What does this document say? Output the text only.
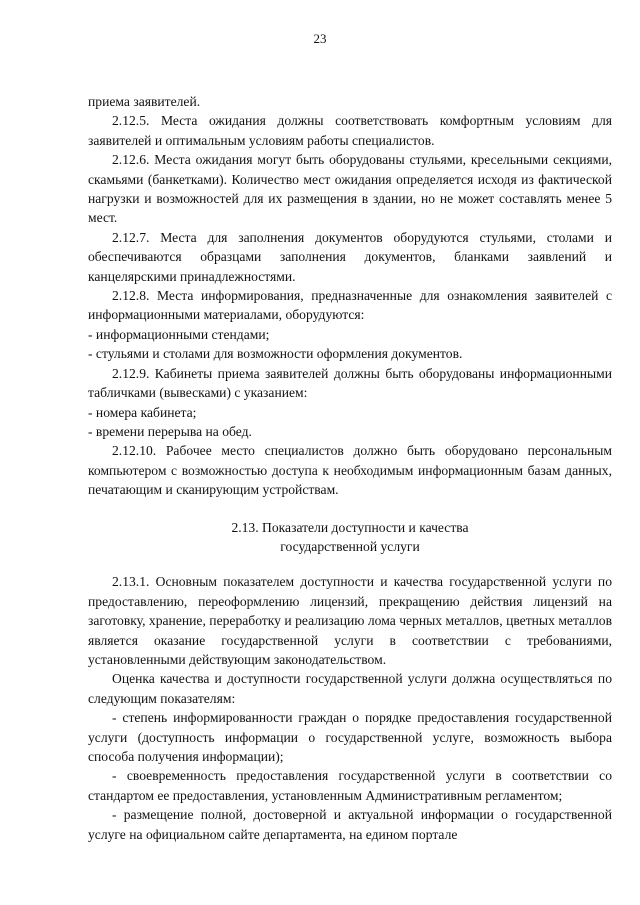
23

приема заявителей.

2.12.5. Места ожидания должны соответствовать комфортным условиям для заявителей и оптимальным условиям работы специалистов.

2.12.6. Места ожидания могут быть оборудованы стульями, кресельными секциями, скамьями (банкетками). Количество мест ожидания определяется исходя из фактической нагрузки и возможностей для их размещения в здании, но не может составлять менее 5 мест.

2.12.7. Места для заполнения документов оборудуются стульями, столами и обеспечиваются образцами заполнения документов, бланками заявлений и канцелярскими принадлежностями.

2.12.8. Места информирования, предназначенные для ознакомления заявителей с информационными материалами, оборудуются:

- информационными стендами;

- стульями и столами для возможности оформления документов.

2.12.9. Кабинеты приема заявителей должны быть оборудованы информационными табличками (вывесками) с указанием:

- номера кабинета;

- времени перерыва на обед.

2.12.10. Рабочее место специалистов должно быть оборудовано персональным компьютером с возможностью доступа к необходимым информационным базам данных, печатающим и сканирующим устройствам.

2.13. Показатели доступности и качества
государственной услуги

2.13.1. Основным показателем доступности и качества государственной услуги по предоставлению, переоформлению лицензий, прекращению действия лицензий на заготовку, хранение, переработку и реализацию лома черных металлов, цветных металлов является оказание государственной услуги в соответствии с требованиями, установленными действующим законодательством.

Оценка качества и доступности государственной услуги должна осуществляться по следующим показателям:

- степень информированности граждан о порядке предоставления государственной услуги (доступность информации о государственной услуге, возможность выбора способа получения информации);

- своевременность предоставления государственной услуги в соответствии со стандартом ее предоставления, установленным Административным регламентом;

- размещение полной, достоверной и актуальной информации о государственной услуге на официальном сайте департамента, на едином портале
